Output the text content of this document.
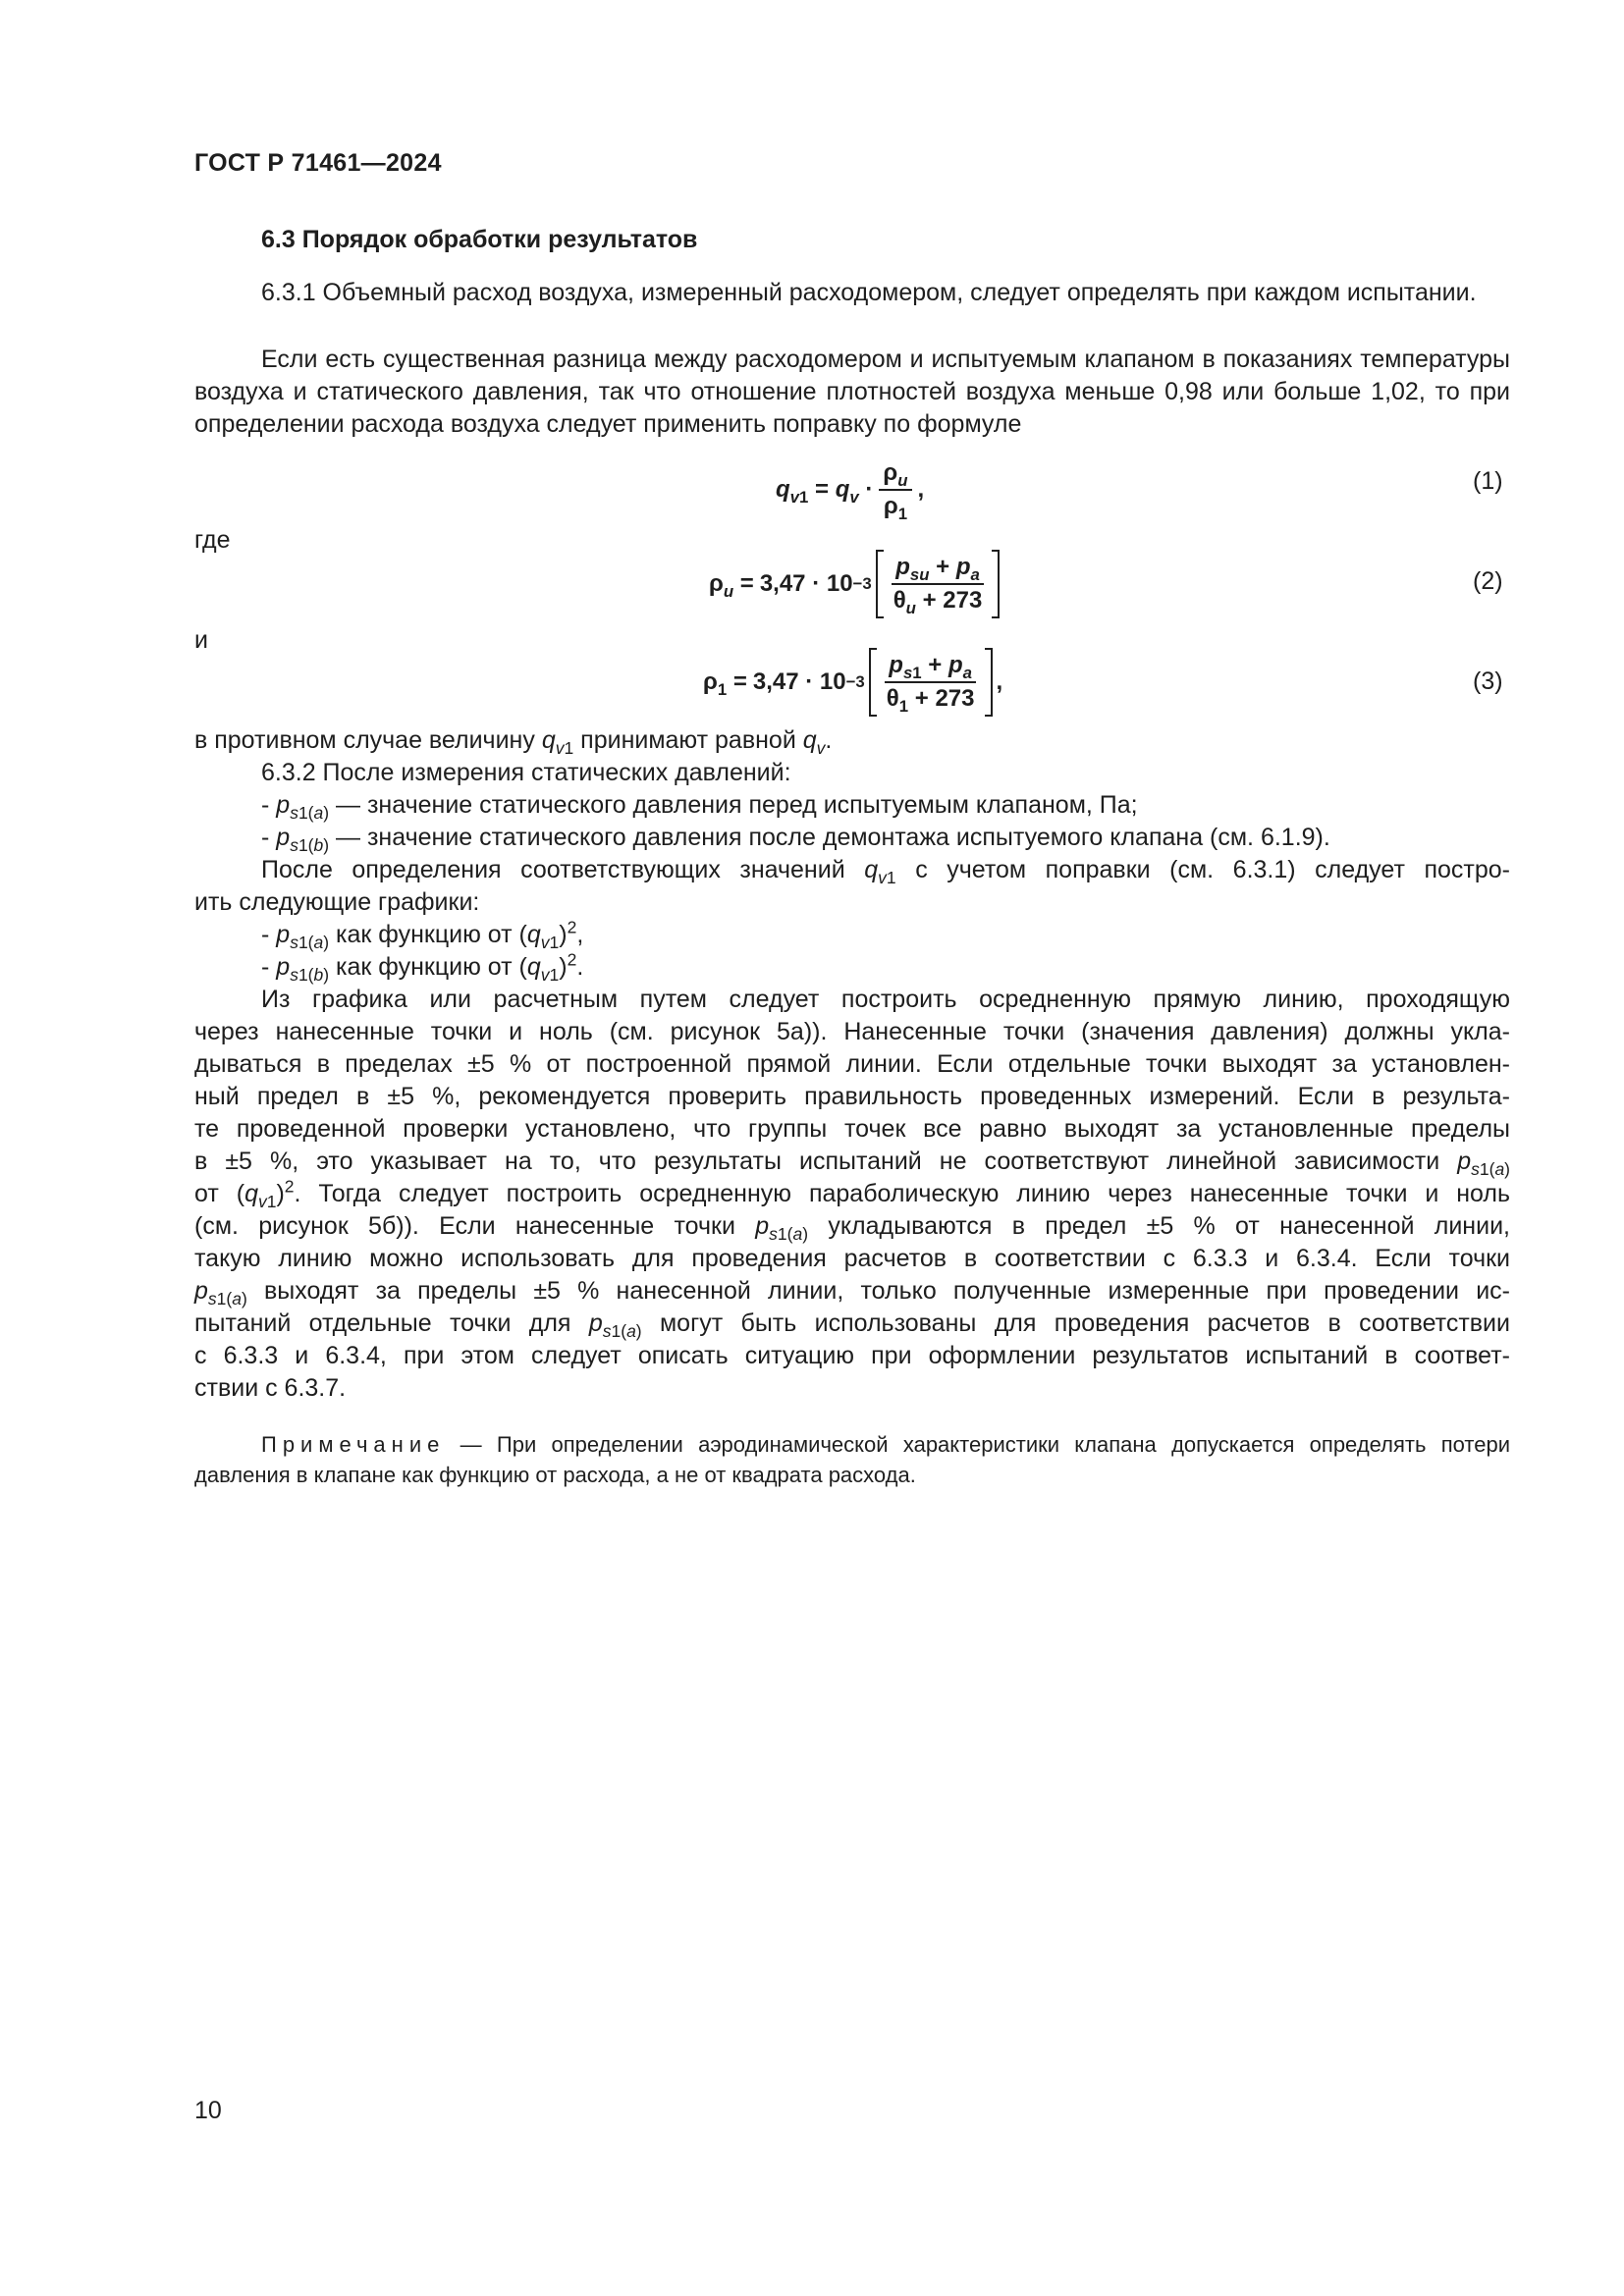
ГОСТ Р 71461—2024
6.3 Порядок обработки результатов
6.3.1 Объемный расход воздуха, измеренный расходомером, следует определять при каждом испытании.
Если есть существенная разница между расходомером и испытуемым клапаном в показаниях температуры воздуха и статического давления, так что отношение плотностей воздуха меньше 0,98 или больше 1,02, то при определении расхода воздуха следует применить поправку по формуле
$q_{v1} = q_v \cdot \frac{\rho_u}{\rho_1}$ ,	(1)
где
$\rho_u = 3,47 \cdot 10 -3 \frac{p_{su} + p_a}{\theta_u + 273}$	(2)
и
$\rho_1 = 3,47 \cdot 10 -3 \frac{p_{s1} + p_a}{\theta_1 + 273}$ ,	(3)
в противном случае величину $q_{v1}$ принимают равной $q_v$.
6.3.2 После измерения статических давлений:
- $p_{s1(a)}$ — значение статического давления перед испытуемым клапаном, Па;
- $p_{s1(b)}$ — значение статического давления после демонтажа испытуемого клапана (см. 6.1.9).
После определения соответствующих значений $q_{v1}$ с учетом поправки (см. 6.3.1) следует постро-
ить следующие графики:
- $p_{s1(a)}$ как функцию от $(q_{v1})^2$,
- $p_{s1(b)}$ как функцию от $(q_{v1})^2$.
Из графика или расчетным путем следует построить осредненную прямую линию, проходящую
через нанесенные точки и ноль (см. рисунок 5а)). Нанесенные точки (значения давления) должны укла-
дываться в пределах ±5 % от построенной прямой линии. Если отдельные точки выходят за установлен-
ный предел в ±5 %, рекомендуется проверить правильность проведенных измерений. Если в результа-
те проведенной проверки установлено, что группы точек все равно выходят за установленные пределы
в ±5 %, это указывает на то, что результаты испытаний не соответствуют линейной зависимости $p_{s1(a)}$
от $(q_{v1})^2$. Тогда следует построить осредненную параболическую линию через нанесенные точки и ноль
(см. рисунок 5б)). Если нанесенные точки $p_{s1(a)}$ укладываются в предел ±5 % от нанесенной линии,
такую линию можно использовать для проведения расчетов в соответствии с 6.3.3 и 6.3.4. Если точки
$p_{s1(a)}$ выходят за пределы ±5 % нанесенной линии, только полученные измеренные при проведении ис-
пытаний отдельные точки для $p_{s1(a)}$ могут быть использованы для проведения расчетов в соответствии
с 6.3.3 и 6.3.4, при этом следует описать ситуацию при оформлении результатов испытаний в соответ-
ствии с 6.3.7.
Примечание — При определении аэродинамической характеристики клапана допускается определять потери давления в клапане как функцию от расхода, а не от квадрата расхода.
10
